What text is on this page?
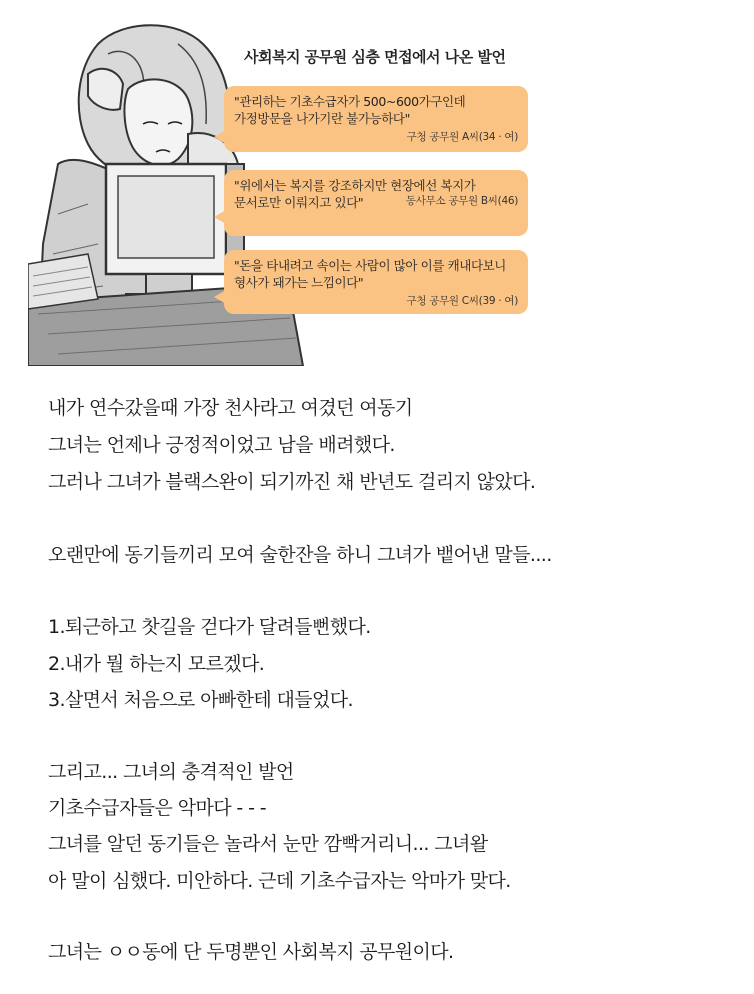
사회복지 공무원 심층 면접에서 나온 발언
"관리하는 기초수급자가 500~600가구인데
가정방문을 나가기란 불가능하다"
구청 공무원 A씨(34 · 여)
"위에서는 복지를 강조하지만 현장에선 복지가
문서로만 이뤄지고 있다"	동사무소 공무원 B씨(46)
"돈을 타내려고 속이는 사람이 많아 이를 캐내다보니
형사가 돼가는 느낌이다"
구청 공무원 C씨(39 · 여)
내가 연수갔을때 가장 천사라고 여겼던 여동기
그녀는 언제나 긍정적이었고 남을 배려했다.
그러나 그녀가 블랙스완이 되기까진 채 반년도 걸리지 않았다.
오랜만에 동기들끼리 모여 술한잔을 하니 그녀가 뱉어낸 말들....
1.퇴근하고 찻길을 걷다가 달려들뻔했다.
2.내가 뭘 하는지 모르겠다.
3.살면서 처음으로 아빠한테 대들었다.
그리고... 그녀의 충격적인 발언
기초수급자들은 악마다 - - -
그녀를 알던 동기들은 놀라서 눈만 깜빡거리니... 그녀왈
아 말이 심했다. 미안하다. 근데 기초수급자는 악마가 맞다.
그녀는 ㅇㅇ동에 단 두명뿐인 사회복지 공무원이다.
